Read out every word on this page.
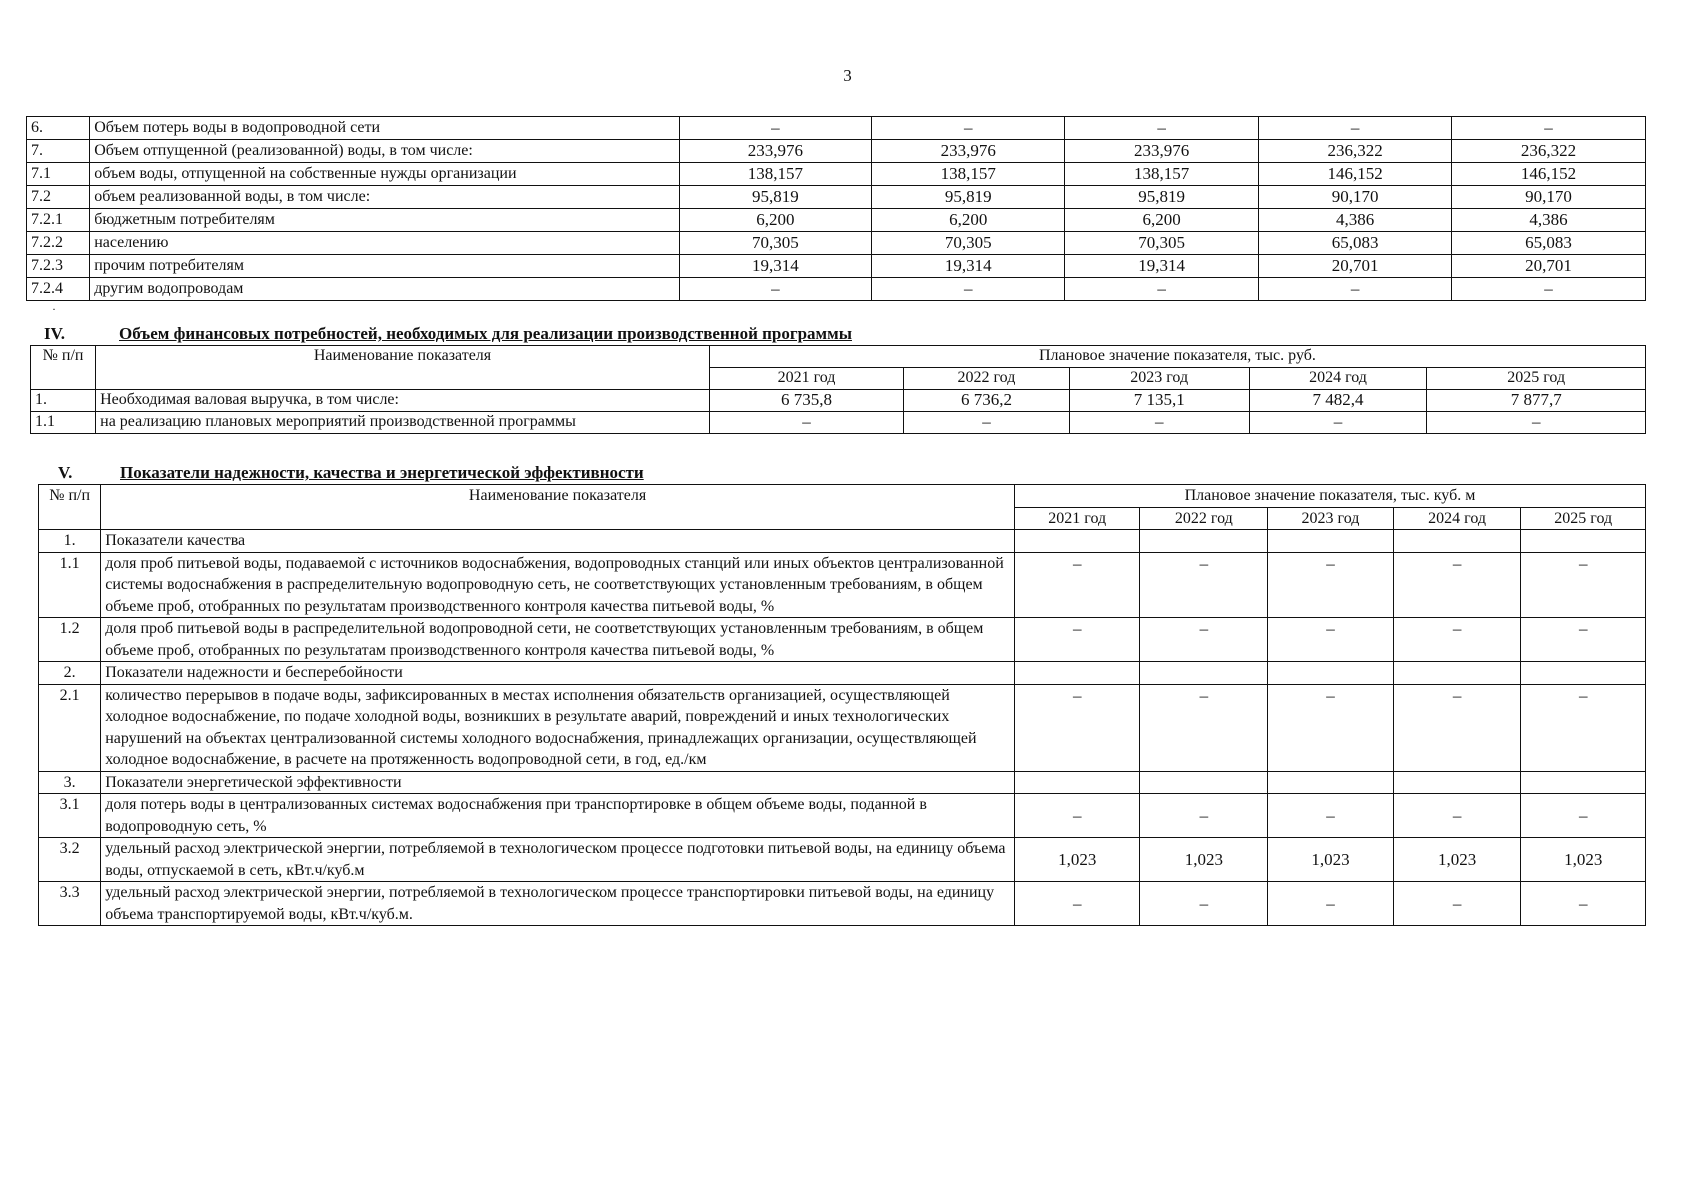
3
6.	Объем потерь воды в водопроводной сети	–	–	–	–	–
7.	Объем отпущенной (реализованной) воды, в том числе:	233,976	233,976	233,976	236,322	236,322
7.1	объем воды, отпущенной на собственные нужды организации	138,157	138,157	138,157	146,152	146,152
7.2	объем реализованной воды, в том числе:	95,819	95,819	95,819	90,170	90,170
7.2.1	бюджетным потребителям	6,200	6,200	6,200	4,386	4,386
7.2.2	населению	70,305	70,305	70,305	65,083	65,083
7.2.3	прочим потребителям	19,314	19,314	19,314	20,701	20,701
7.2.4	другим водопроводам	–	–	–	–	–
·
IV.	Объем финансовых потребностей, необходимых для реализации производственной программы
№ п/п	Наименование показателя	Плановое значение показателя, тыс. руб.				
		2021 год	2022 год	2023 год	2024 год	2025 год
1.	Необходимая валовая выручка, в том числе:	6 735,8	6 736,2	7 135,1	7 482,4	7 877,7
1.1	на реализацию плановых мероприятий производственной программы	–	–	–	–	–
V.	Показатели надежности, качества и энергетической эффективности
№ п/п	Наименование показателя	Плановое значение показателя, тыс. куб. м				
		2021 год	2022 год	2023 год	2024 год	2025 год
1.	Показатели качества					
1.1	доля проб питьевой воды, подаваемой с источников водоснабжения, водопроводных станций или иных объектов централизованной системы водоснабжения в распределительную водопроводную сеть, не соответствующих установленным требованиям, в общем объеме проб, отобранных по результатам производственного контроля качества питьевой воды, %	–	–	–	–	–
1.2	доля проб питьевой воды в распределительной водопроводной сети, не соответствующих установленным требованиям, в общем объеме проб, отобранных по результатам производственного контроля качества питьевой воды, %	–	–	–	–	–
2.	Показатели надежности и бесперебойности					
2.1	количество перерывов в подаче воды, зафиксированных в местах исполнения обязательств организацией, осуществляющей холодное водоснабжение, по подаче холодной воды, возникших в результате аварий, повреждений и иных технологических нарушений на объектах централизованной системы холодного водоснабжения, принадлежащих организации, осуществляющей холодное водоснабжение, в расчете на протяженность водопроводной сети, в год, ед./км	–	–	–	–	–
3.	Показатели энергетической эффективности					
3.1	доля потерь воды в централизованных системах водоснабжения при транспортировке в общем объеме воды, поданной в водопроводную сеть, %	–	–	–	–	–
3.2	удельный расход электрической энергии, потребляемой в технологическом процессе подготовки питьевой воды, на единицу объема воды, отпускаемой в сеть, кВт.ч/куб.м	1,023	1,023	1,023	1,023	1,023
3.3	удельный расход электрической энергии, потребляемой в технологическом процессе транспортировки питьевой воды, на единицу объема транспортируемой воды, кВт.ч/куб.м.	–	–	–	–	–
